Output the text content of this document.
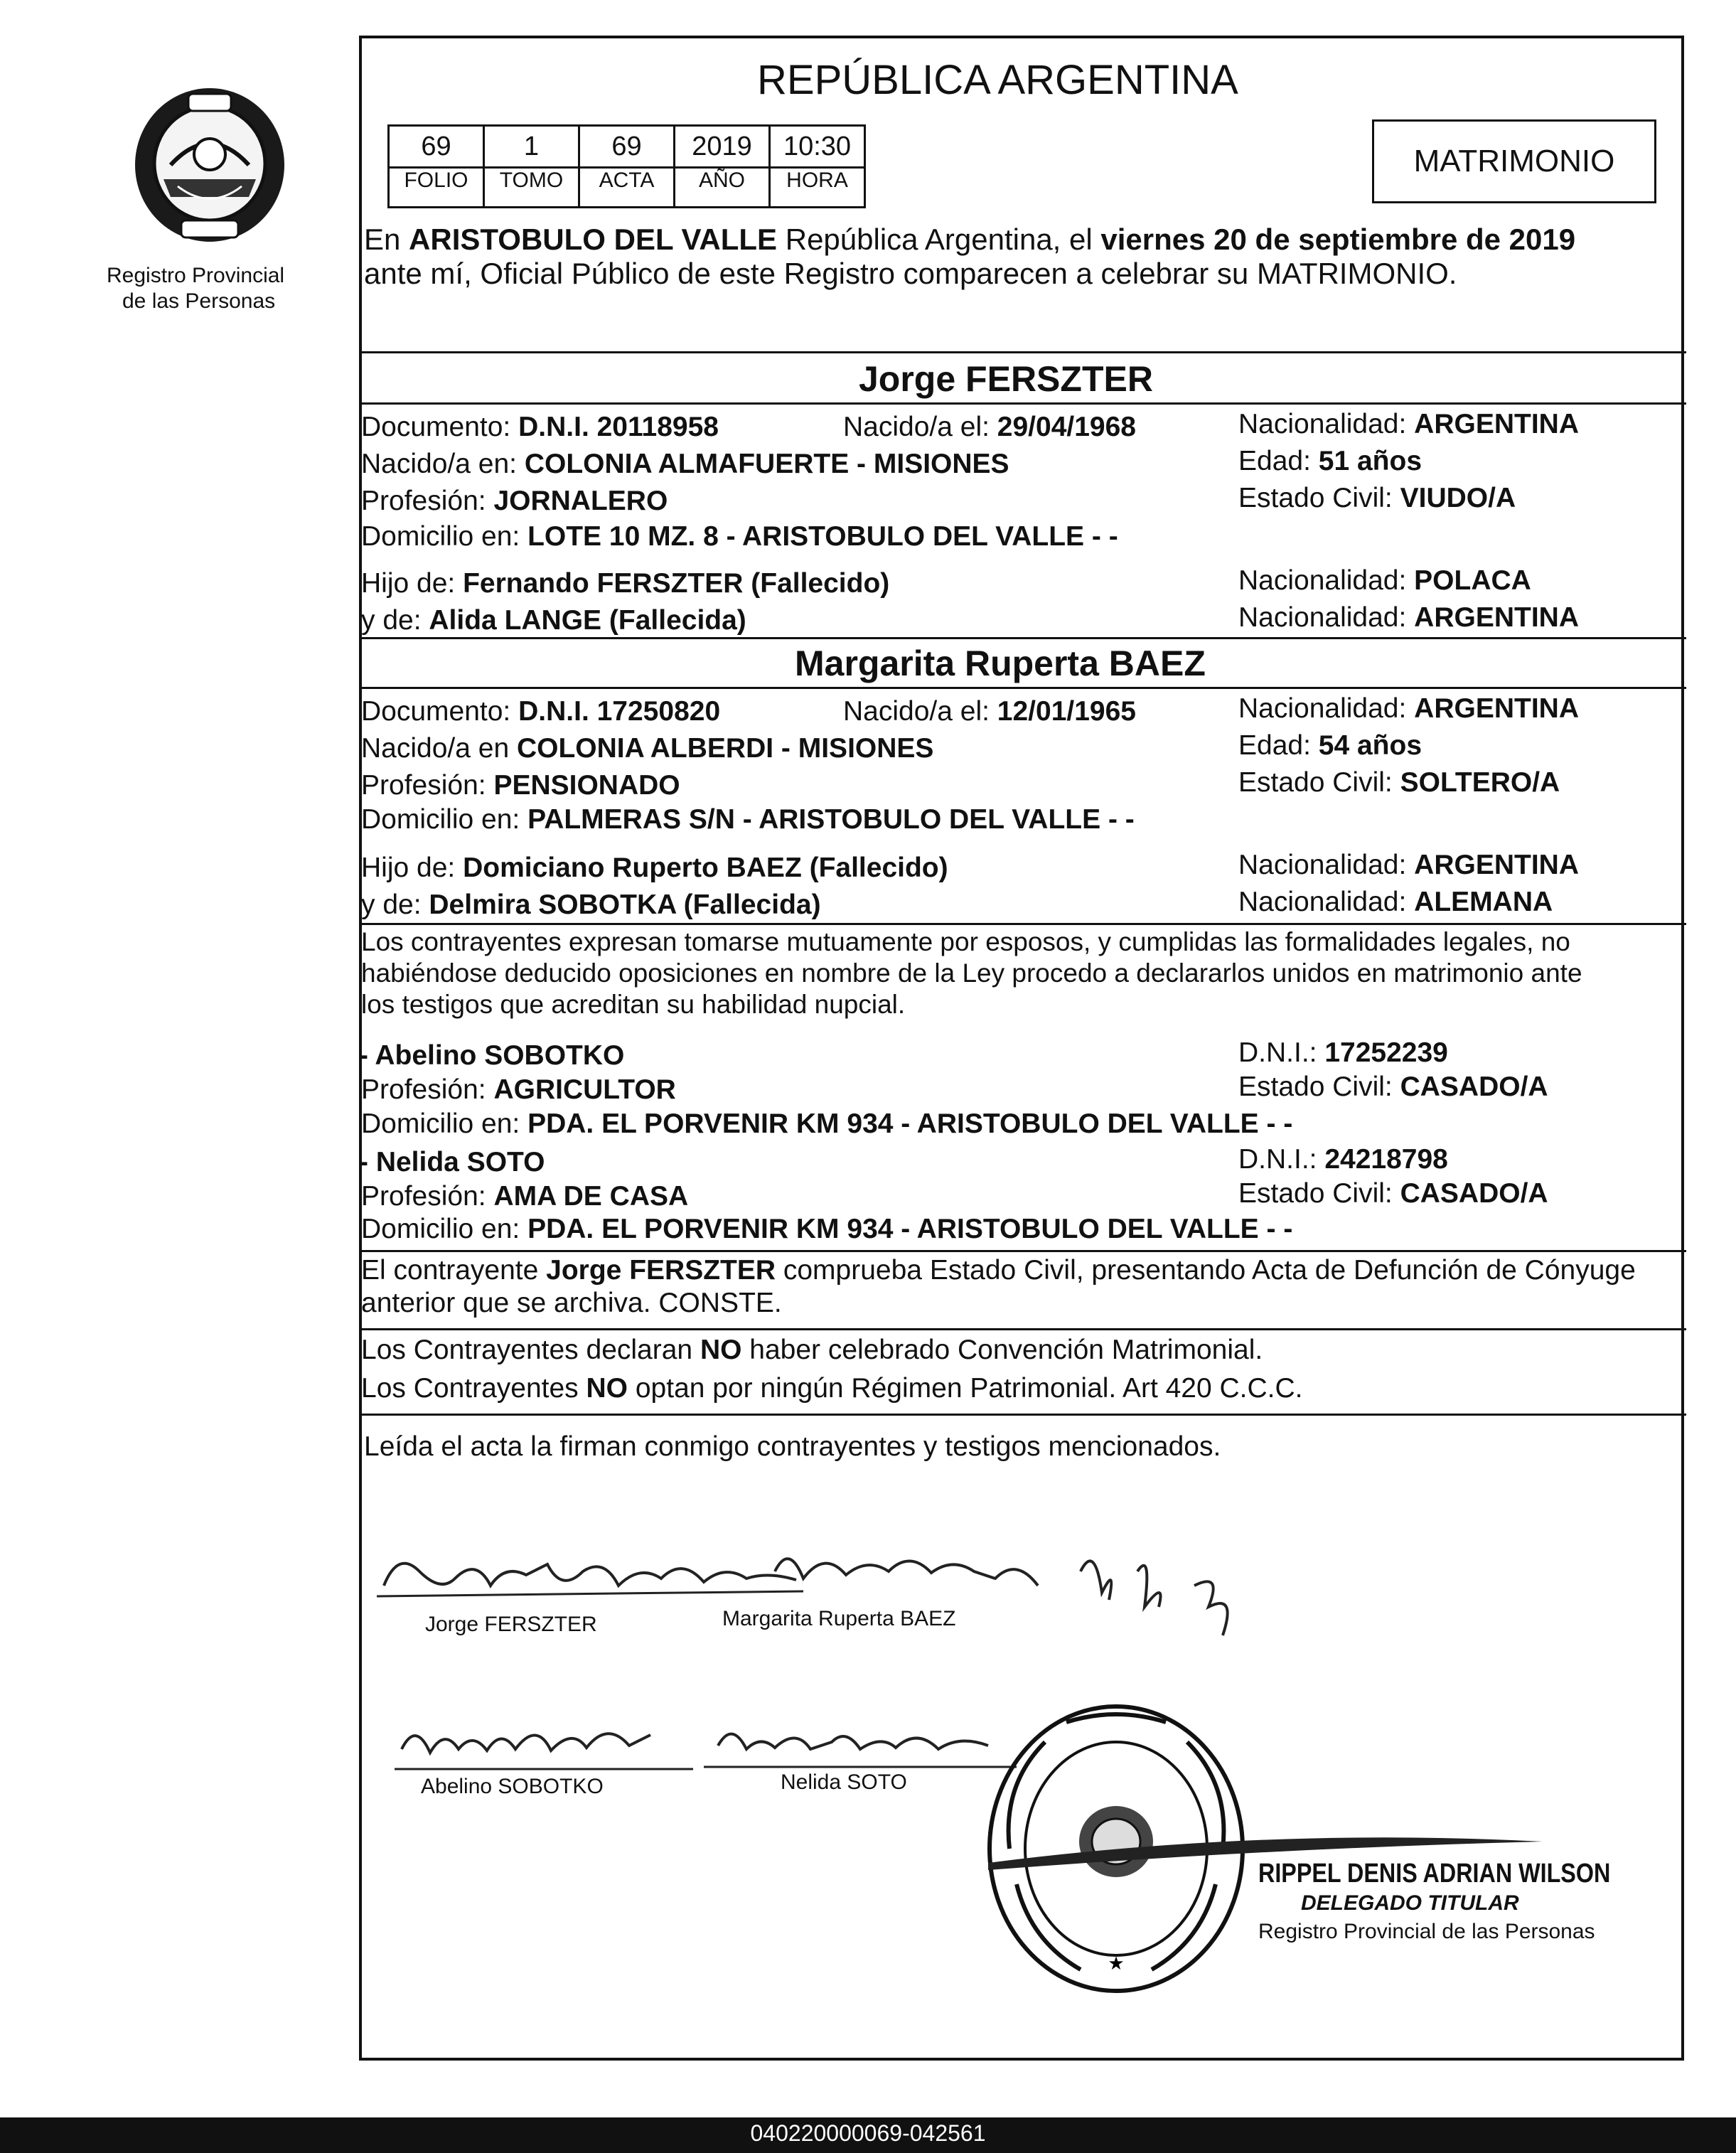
Registro Provincial
de las Personas
REPÚBLICA ARGENTINA
69
FOLIO
1
TOMO
69
ACTA
2019
AÑO
10:30
HORA
MATRIMONIO
En ARISTOBULO DEL VALLE República Argentina, el viernes 20 de septiembre de 2019
ante mí, Oficial Público de este Registro comparecen a celebrar su MATRIMONIO.
Jorge FERSZTER
Documento: D.N.I. 20118958	Nacido/a el: 29/04/1968	Nacionalidad: ARGENTINA
Nacido/a en: COLONIA ALMAFUERTE - MISIONES	Edad: 51 años
Profesión: JORNALERO	Estado Civil: VIUDO/A
Domicilio en: LOTE 10 MZ. 8 - ARISTOBULO DEL VALLE - -
Hijo de: Fernando FERSZTER (Fallecido)	Nacionalidad: POLACA
y de: Alida LANGE (Fallecida)	Nacionalidad: ARGENTINA
Margarita Ruperta BAEZ
Documento: D.N.I. 17250820	Nacido/a el: 12/01/1965	Nacionalidad: ARGENTINA
Nacido/a en COLONIA ALBERDI - MISIONES	Edad: 54 años
Profesión: PENSIONADO	Estado Civil: SOLTERO/A
Domicilio en: PALMERAS S/N - ARISTOBULO DEL VALLE - -
Hijo de: Domiciano Ruperto BAEZ (Fallecido)	Nacionalidad: ARGENTINA
y de: Delmira SOBOTKA (Fallecida)	Nacionalidad: ALEMANA
Los contrayentes expresan tomarse mutuamente por esposos, y cumplidas las formalidades legales, no
habiéndose deducido oposiciones en nombre de la Ley procedo a declararlos unidos en matrimonio ante
los testigos que acreditan su habilidad nupcial.
- Abelino SOBOTKO	D.N.I.: 17252239
Profesión: AGRICULTOR	Estado Civil: CASADO/A
Domicilio en: PDA. EL PORVENIR KM 934 - ARISTOBULO DEL VALLE - -
- Nelida SOTO	D.N.I.: 24218798
Profesión: AMA DE CASA	Estado Civil: CASADO/A
Domicilio en: PDA. EL PORVENIR KM 934 - ARISTOBULO DEL VALLE - -
El contrayente Jorge FERSZTER comprueba Estado Civil, presentando Acta de Defunción de Cónyuge
anterior que se archiva. CONSTE.
Los Contrayentes declaran NO haber celebrado Convención Matrimonial.
Los Contrayentes NO optan por ningún Régimen Patrimonial. Art 420 C.C.C.
Leída el acta la firman conmigo contrayentes y testigos mencionados.
Jorge FERSZTER	Margarita Ruperta BAEZ
Abelino SOBOTKO	Nelida SOTO
★
RIPPEL DENIS ADRIAN WILSON
DELEGADO TITULAR
Registro Provincial de las Personas
040220000069-042561
